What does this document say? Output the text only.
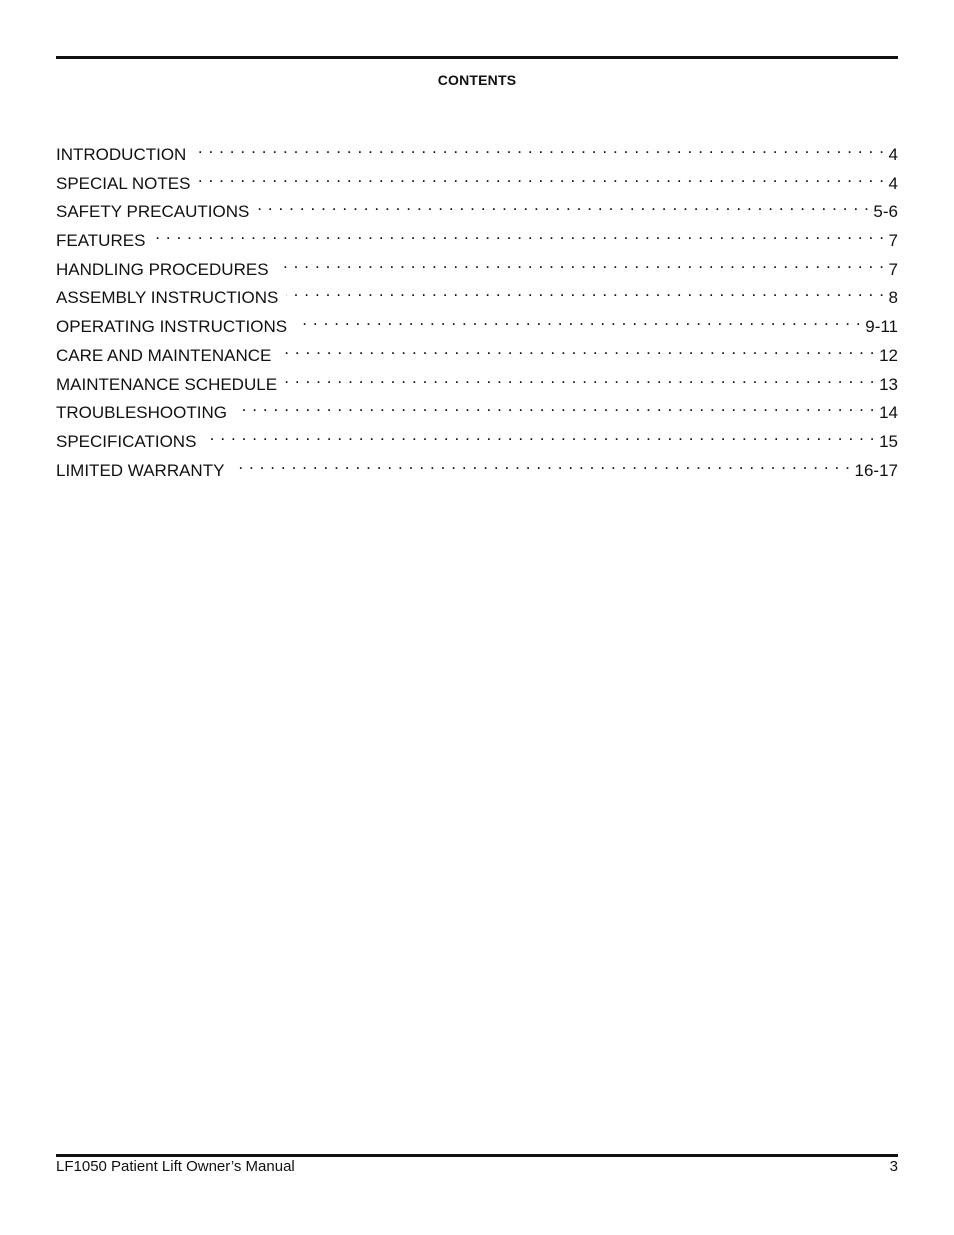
CONTENTS
INTRODUCTION . . .	4
SPECIAL NOTES . . .	4
SAFETY PRECAUTIONS . . .	5-6
FEATURES . . .	7
HANDLING PROCEDURES . . .	7
ASSEMBLY INSTRUCTIONS . . .	8
OPERATING INSTRUCTIONS . . .	9-11
CARE AND MAINTENANCE . . .	12
MAINTENANCE SCHEDULE . . .	13
TROUBLESHOOTING . . .	14
SPECIFICATIONS . . .	15
LIMITED WARRANTY . . .	16-17
LF1050 Patient Lift Owner’s Manual	3
